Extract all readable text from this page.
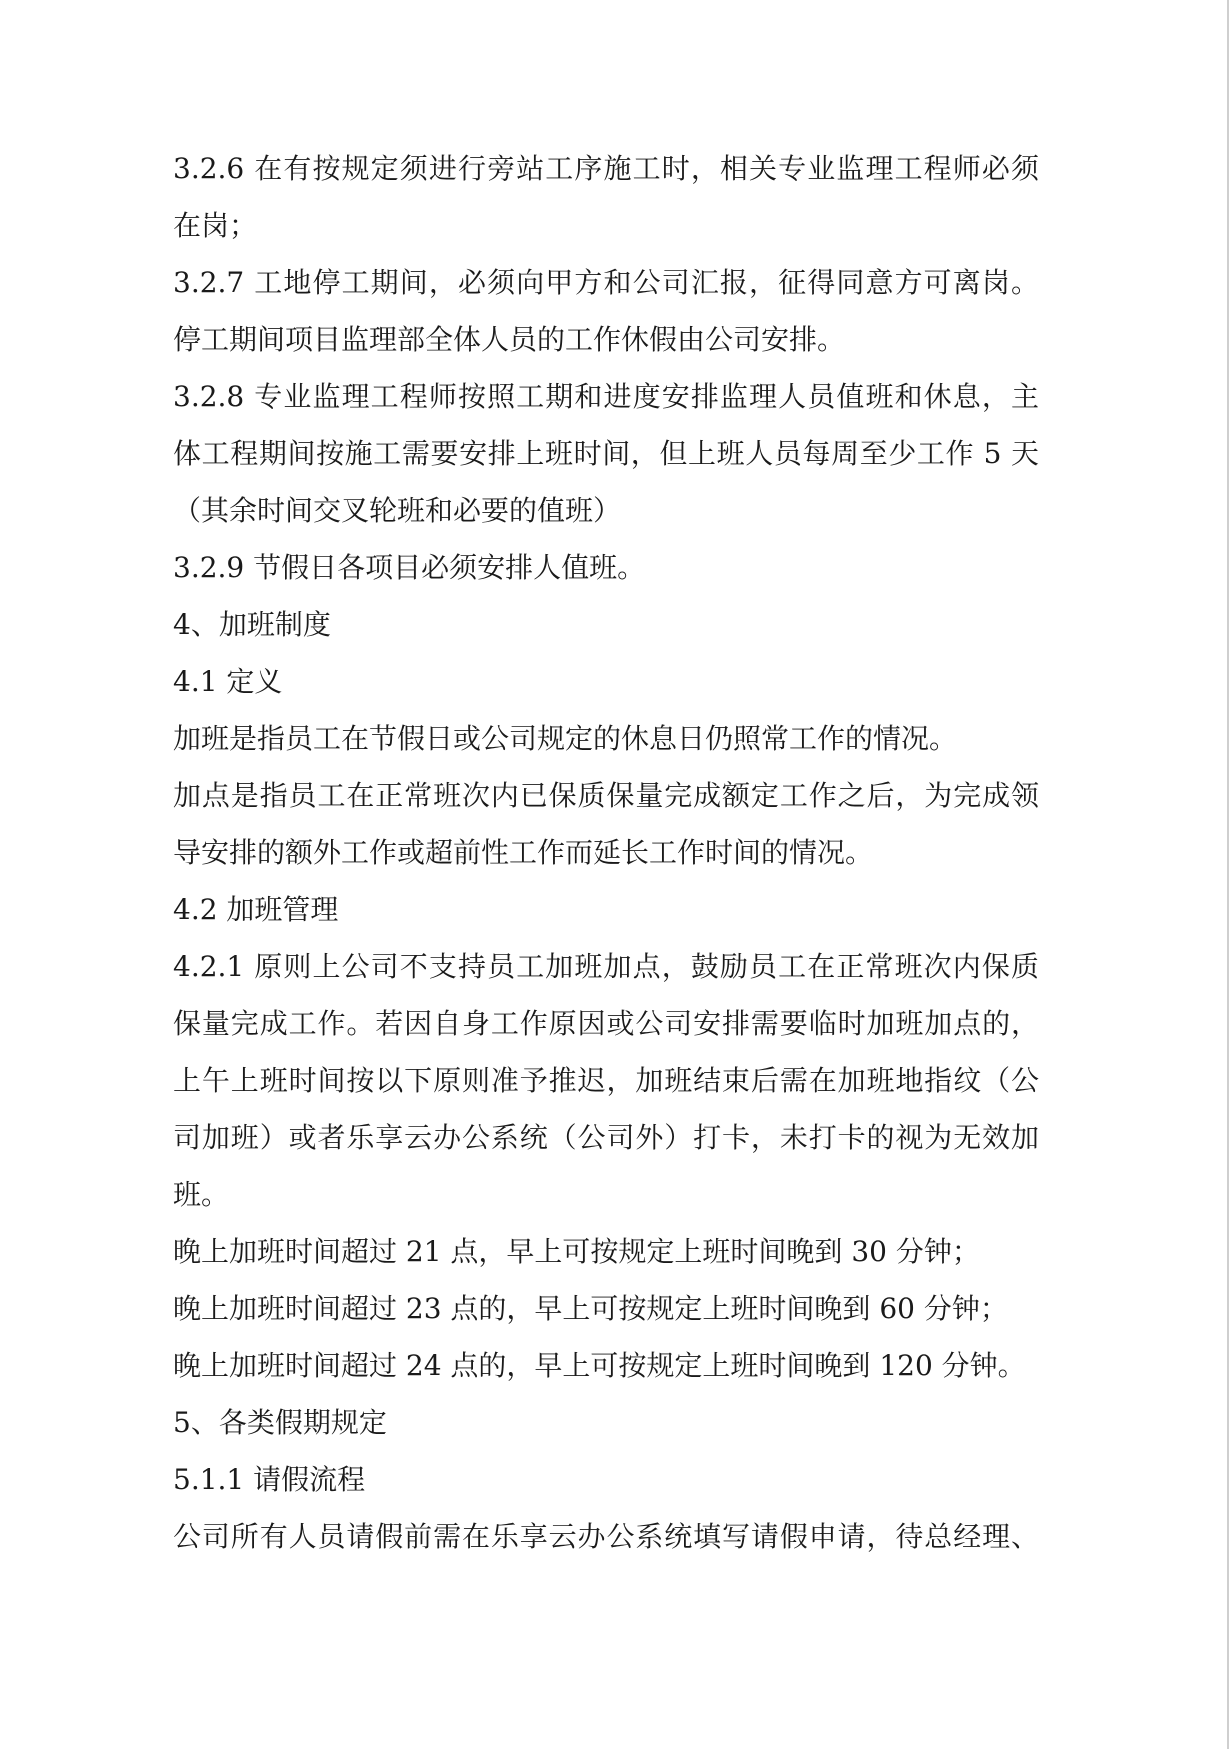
3.2.6 在有按规定须进行旁站工序施工时，相关专业监理工程师必须
在岗；
3.2.7 工地停工期间，必须向甲方和公司汇报，征得同意方可离岗。
停工期间项目监理部全体人员的工作休假由公司安排。
3.2.8 专业监理工程师按照工期和进度安排监理人员值班和休息，主
体工程期间按施工需要安排上班时间，但上班人员每周至少工作 5 天
（其余时间交叉轮班和必要的值班）
3.2.9 节假日各项目必须安排人值班。
4、加班制度
4.1 定义
加班是指员工在节假日或公司规定的休息日仍照常工作的情况。
加点是指员工在正常班次内已保质保量完成额定工作之后，为完成领
导安排的额外工作或超前性工作而延长工作时间的情况。
4.2 加班管理
4.2.1 原则上公司不支持员工加班加点，鼓励员工在正常班次内保质
保量完成工作。若因自身工作原因或公司安排需要临时加班加点的，
上午上班时间按以下原则准予推迟，加班结束后需在加班地指纹（公
司加班）或者乐享云办公系统（公司外）打卡，未打卡的视为无效加
班。
晚上加班时间超过 21 点，早上可按规定上班时间晚到 30 分钟；
晚上加班时间超过 23 点的，早上可按规定上班时间晚到 60 分钟；
晚上加班时间超过 24 点的，早上可按规定上班时间晚到 120 分钟。
5、各类假期规定
5.1.1 请假流程
公司所有人员请假前需在乐享云办公系统填写请假申请，待总经理、
